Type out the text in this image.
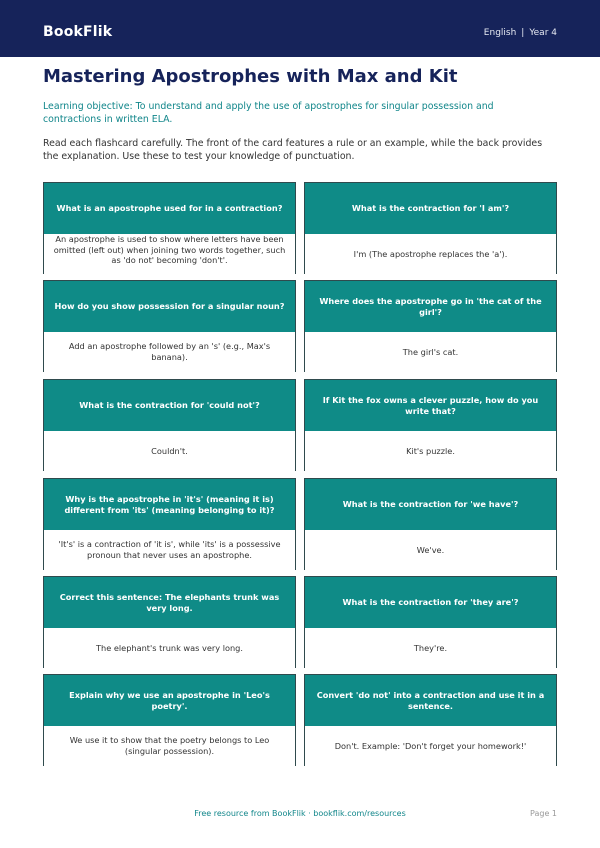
BookFlik	English | Year 4
Mastering Apostrophes with Max and Kit

Learning objective: To understand and apply the use of apostrophes for singular possession and contractions in written ELA.

Read each flashcard carefully. The front of the card features a rule or an example, while the back provides the explanation. Use these to test your knowledge of punctuation.

What is an apostrophe used for in a contraction?
An apostrophe is used to show where letters have been omitted (left out) when joining two words together, such as 'do not' becoming 'don't'.
What is the contraction for 'I am'?
I'm (The apostrophe replaces the 'a').
How do you show possession for a singular noun?
Add an apostrophe followed by an 's' (e.g., Max's banana).
Where does the apostrophe go in 'the cat of the girl'?
The girl's cat.
What is the contraction for 'could not'?
Couldn't.
If Kit the fox owns a clever puzzle, how do you write that?
Kit's puzzle.
Why is the apostrophe in 'it's' (meaning it is) different from 'its' (meaning belonging to it)?
'It's' is a contraction of 'it is', while 'its' is a possessive pronoun that never uses an apostrophe.
What is the contraction for 'we have'?
We've.
Correct this sentence: The elephants trunk was very long.
The elephant's trunk was very long.
What is the contraction for 'they are'?
They're.
Explain why we use an apostrophe in 'Leo's poetry'.
We use it to show that the poetry belongs to Leo (singular possession).
Convert 'do not' into a contraction and use it in a sentence.
Don't. Example: 'Don't forget your homework!'
Free resource from BookFlik · bookflik.com/resources	Page 1
